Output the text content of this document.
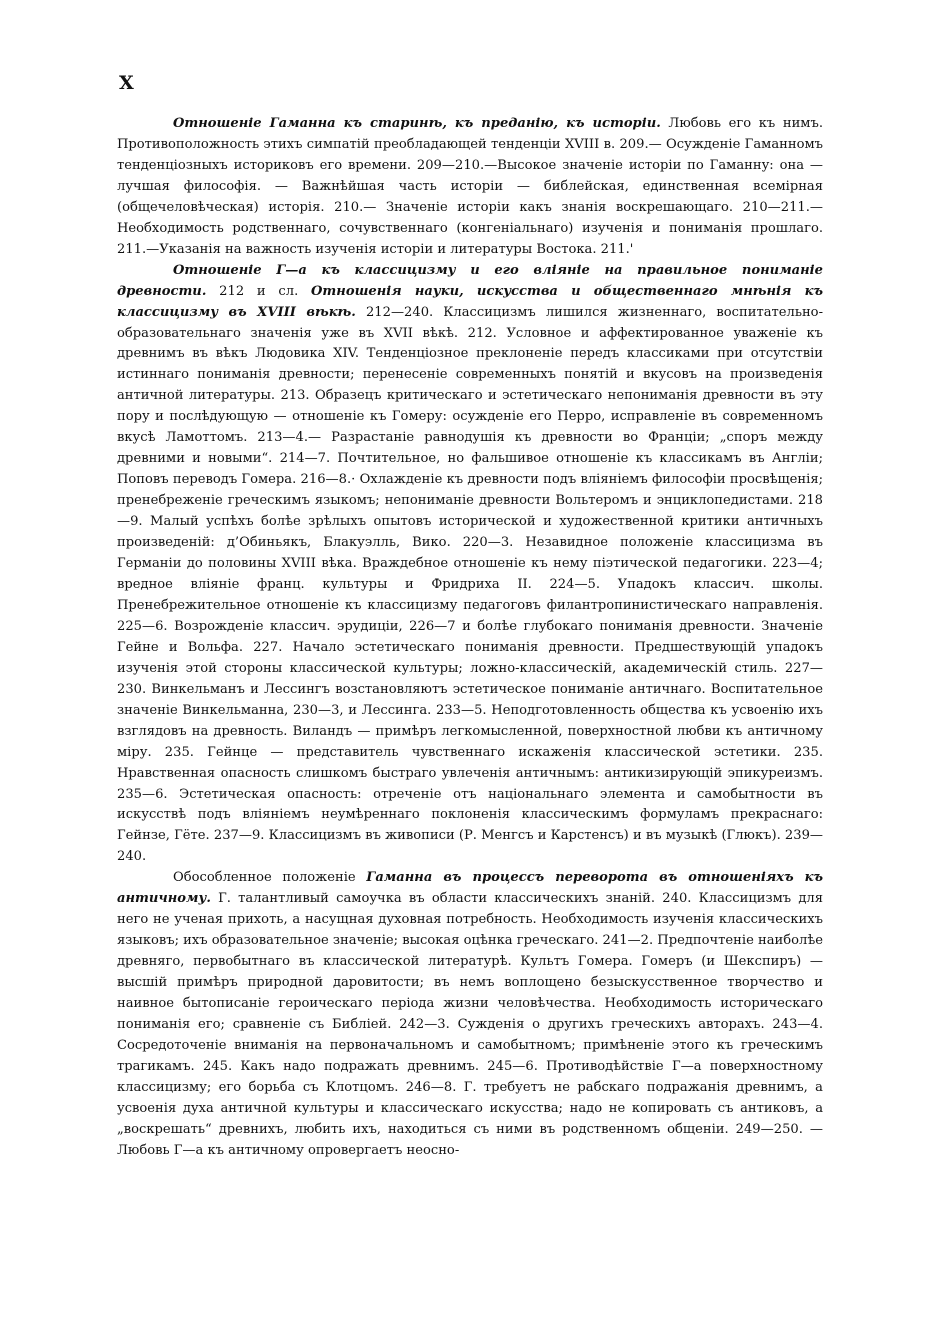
X

Отношеніе Гаманна къ старинѣ, къ преданію, къ исторіи. Любовь его къ нимъ. Противоположность этихъ симпатій преобладающей тенденціи XVIII в. 209.— Осужденіе Гаманномъ тенденціозныхъ историковъ его времени. 209—210.—Высокое значеніе исторіи по Гаманну: она — лучшая философія. — Важнѣйшая часть исторіи — библейская, единственная всемірная (общечеловѣческая) исторія. 210.— Значеніе исторіи какъ знанія воскрешающаго. 210—211.— Необходимость родственнаго, сочувственнаго (конгеніальнаго) изученія и пониманія прошлаго. 211.—Указанія на важность изученія исторіи и литературы Востока. 211.'

Отношеніе Г—а къ классицизму и его вліяніе на правильное пониманіе древности. 212 и сл. Отношенія науки, искусства и общественнаго мнѣнія къ классицизму въ XVIII вѣкѣ. 212—240. Классицизмъ лишился жизненнаго, воспитательно-образовательнаго значенія уже въ XVII вѣкѣ. 212. Условное и аффектированное уваженіе къ древнимъ въ вѣкъ Людовика XIV. Тенденціозное преклоненіе передъ классиками при отсутствіи истиннаго пониманія древности; перенесеніе современныхъ понятій и вкусовъ на произведенія античной литературы. 213. Образецъ критическаго и эстетическаго непониманія древности въ эту пору и послѣдующую — отношеніе къ Гомеру: осужденіе его Перро, исправленіе въ современномъ вкусѣ Ламоттомъ. 213—4.— Разрастаніе равнодушія къ древности во Франціи; „споръ между древними и новыми“. 214—7. Почтительное, но фальшивое отношеніе къ классикамъ въ Англіи; Поповъ переводъ Гомера. 216—8.· Охлажденіе къ древности подъ вліяніемъ философіи просвѣщенія; пренебреженіе греческимъ языкомъ; непониманіе древности Вольтеромъ и энциклопедистами. 218—9. Малый успѣхъ болѣе зрѣлыхъ опытовъ исторической и художественной критики античныхъ произведеній: д’Обиньякъ, Блакуэлль, Вико. 220—3. Незавидное положеніе классицизма въ Германіи до половины XVIII вѣка. Враждебное отношеніе къ нему піэтической педагогики. 223—4; вредное вліяніе франц. культуры и Фридриха II. 224—5. Упадокъ классич. школы. Пренебрежительное отношеніе къ классицизму педагоговъ филантропинистическаго направленія. 225—6. Возрожденіе классич. эрудиціи, 226—7 и болѣе глубокаго пониманія древности. Значеніе Гейне и Вольфа. 227. Начало эстетическаго пониманія древности. Предшествующій упадокъ изученія этой стороны классической культуры; ложно-классическій, академическій стиль. 227—230. Винкельманъ и Лессингъ возстановляютъ эстетическое пониманіе античнаго. Воспитательное значеніе Винкельманна, 230—3, и Лессинга. 233—5. Неподготовленность общества къ усвоенію ихъ взглядовъ на древность. Виландъ — примѣръ легкомысленной, поверхностной любви къ античному міру. 235. Гейнце — представитель чувственнаго искаженія классической эстетики. 235. Нравственная опасность слишкомъ быстраго увлеченія античнымъ: антикизирующій эпикуреизмъ. 235—6. Эстетическая опасность: отреченіе отъ національнаго элемента и самобытности въ искусствѣ подъ вліяніемъ неумѣреннаго поклоненія классическимъ формуламъ прекраснаго: Гейнзе, Гёте. 237—9. Классицизмъ въ живописи (Р. Менгсъ и Карстенсъ) и въ музыкѣ (Глюкъ). 239—240.

Обособленное положеніе Гаманна въ процессъ переворота въ отношеніяхъ къ античному. Г. талантливый самоучка въ области классическихъ знаній. 240. Классицизмъ для него не ученая прихоть, а насущная духовная потребность. Необходимость изученія классическихъ языковъ; ихъ образовательное значеніе; высокая оцѣнка греческаго. 241—2. Предпочтеніе наиболѣе древняго, первобытнаго въ классической литературѣ. Культъ Гомера. Гомеръ (и Шекспиръ) — высшій примѣръ природной даровитости; въ немъ воплощено безыскусственное творчество и наивное бытописаніе героическаго періода жизни человѣчества. Необходимость историческаго пониманія его; сравненіе съ Библіей. 242—3. Сужденія о другихъ греческихъ авторахъ. 243—4. Сосредоточеніе вниманія на первоначальномъ и самобытномъ; примѣненіе этого къ греческимъ трагикамъ. 245. Какъ надо подражать древнимъ. 245—6. Противодѣйствіе Г—а поверхностному классицизму; его борьба съ Клотцомъ. 246—8. Г. требуетъ не рабскаго подражанія древнимъ, а усвоенія духа античной культуры и классическаго искусства; надо не копировать съ антиковъ, а „воскрешать“ древнихъ, любить ихъ, находиться съ ними въ родственномъ общеніи. 249—250. — Любовь Г—а къ античному опровергаетъ неосно-
